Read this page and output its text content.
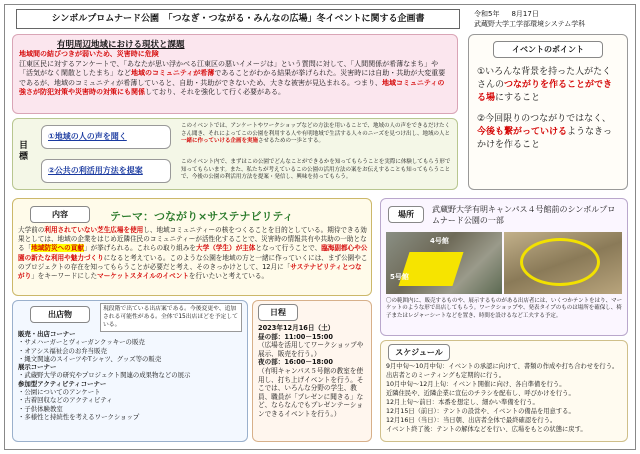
シンボルプロムナード公園　「つなぎ・つながる・みんなの広場」冬イベントに関する企画書	令和5年 8月17日
武蔵野大学工学部環境システム学科
有明周辺地域における現状と課題
地域間の結びつきが弱いため、災害時に危険
江東区民に対するアンケートで、「あなたが思い浮かべる江東区の悪いイメージは」という質問に対して、「人間関係が希薄なまち」や「活気がなく閑散としたまち」など地域のコミュニティが希薄であることがわかる結果が挙げられた。災害時には自助・共助が大変重要であるが、地域のコミュニティが希薄していると、自助・共助ができないため、大きな被害が見込まれる。つまり、地域コミュニティの強さが防犯対策や災害時の対策にも関係しており、それを強化して行く必要がある。
目標
①地域の人の声を聞く
②公共の利活用方法を提案
このイベントでは、アンケートやワークショップなどの方法を用いることで、地域の人の声をできるだけたくさん聞き、それによってこの公園を利用する人や有明地域で生活する人々のニーズを見つけ出し、地域の人と一緒に作っていける企画を実施させるための一歩とする。
このイベント内で、まずはこの公園でどんなことができるかを知ってもらうことを実際に体験してもらう形で知ってもらいます。また、私たちが考えているこの公園の活用方法の案をお伝えすることも知ってもらうことで、今後の公園の利活用方法を提案・発信し、興味を持ってもらう。
イベントのポイント
①いろんな背景を持った人がたくさんのつながりを作ることができる場にすること
②今回限りのつながりではなく、今後も繋がっていけるようなきっかけを作ること
内容	テーマ：つながり×サステナビリティ
大学前の利用されていない芝生広場を使用し、地域コミュニティーの核をつくることを目的としている。期待できる効果としては、地域の企業をはじめ近隣住民のコミュニティーが活性化することで、災害時の情報共有や共助の一助となる「地域防災への貢献」が挙げられる。これらの取り組みを大学（学生）が主体となって行うことで、臨海副都心や公園の新たな利用や魅力づくりになると考えている。このような公園を地域の方と一緒に作っていくには、まず公園やこのプロジェクトの存在を知ってもらうことが必要だと考え、そのきっかけとして、12月に「サステナビリティとつながり」をキーワードにしたマーケットスタイルのイベントを行いたいと考えている。
場所
武蔵野大学有明キャンパス４号館前のシンボルプロムナード公園の一部
4号館
5号館
〇の範囲内に、販売するものや、展示するものがある出店者には、いくつかテントをはり、マーケットのような形で出店してもらう。ワークショップや、発表タイプのものは場所を確保し、椅子またはレジャーシートなどを置き、時間を設けるなど工夫する予定。
出店物
現段階で出ている出店案である。今後変更や、追加される可能性がある。全体で15出店ほどを予定している。
販売・出店コーナー
・サメハーガーとヴィーガンクッキーの販売
・オアシス福祉会のお弁当販売
・縄文関連のスイーツやTシャツ、グッズ等の販売
展示コーナー
・武蔵野大学の研究やプロジェクト関連の成果物などの展示
参加型アクティビティコーナー
・公園についてのアンケート
・古着回収などのアクティビティ
・子供体験教室
・多様性と持続性を考えるワークショップ
日程
2023年12月16日（土）
昼の部：11:00－15:00
（広場を活用してワークショップや展示、販売を行う。）
夜の部：16:00－18:00
（有明キャンパス５号館の教室を使用し、打ち上げイベントを行う。そこでは、いろんな分野の学生、教員、職員が「プレゼンに聞きる」など、ならなんでもプレゼンテーションできるイベントを行う。）
スケジュール
9月中旬～10月中旬：イベントの承認に向けて、書類の作成や打ち合わせを行う。出店者とのミーティングも定期的に行う。
10月中旬～12月上旬：イベント開催に向け、各自準備を行う。
近隣住民や、近隣企業に宣伝のチラシを配布し、呼びかけを行う。
12月上旬～前日：本番を想定し、細かい準備を行う。
12月15日（前日）：テントの設営や、イベントの備品を用意する。
12月16日（当日）：当日朝、出店者全体で最終確認を行う。
イベント終了後：テントの解体などを行い、広場をもとの状態に戻す。
